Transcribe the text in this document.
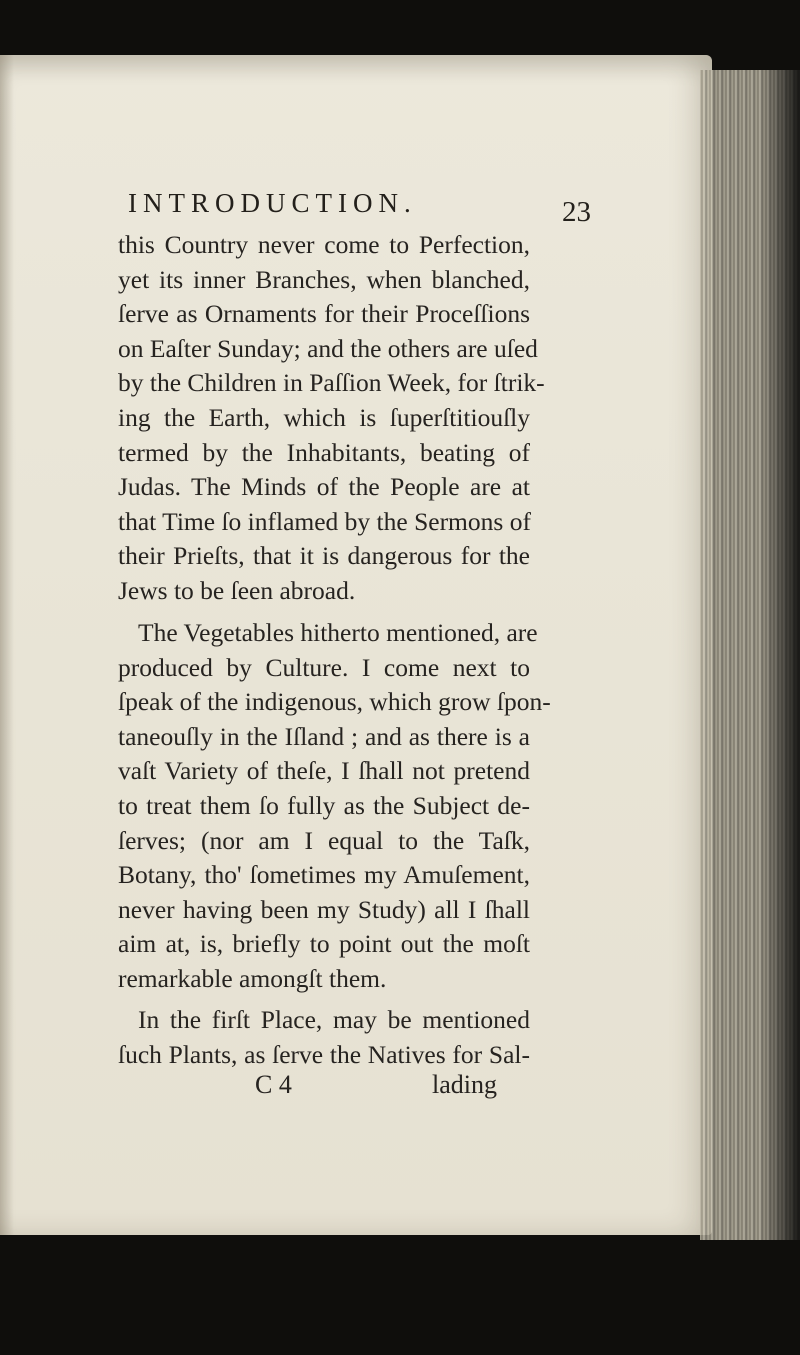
INTRODUCTION.	23
this Country never come to Perfection,
yet its inner Branches, when blanched,
ſerve as Ornaments for their Proceſſions
on Eaſter Sunday; and the others are uſed
by the Children in Paſſion Week, for ſtrik-
ing the Earth, which is ſuperſtitiouſly
termed by the Inhabitants, beating of
Judas. The Minds of the People are at
that Time ſo inflamed by the Sermons of
their Prieſts, that it is dangerous for the
Jews to be ſeen abroad.
The Vegetables hitherto mentioned, are
produced by Culture. I come next to
ſpeak of the indigenous, which grow ſpon-
taneouſly in the Iſland ; and as there is a
vaſt Variety of theſe, I ſhall not pretend
to treat them ſo fully as the Subject de-
ſerves; (nor am I equal to the Taſk,
Botany, tho' ſometimes my Amuſement,
never having been my Study) all I ſhall
aim at, is, briefly to point out the moſt
remarkable amongſt them.
In the firſt Place, may be mentioned
ſuch Plants, as ſerve the Natives for Sal-
C 4	lading
